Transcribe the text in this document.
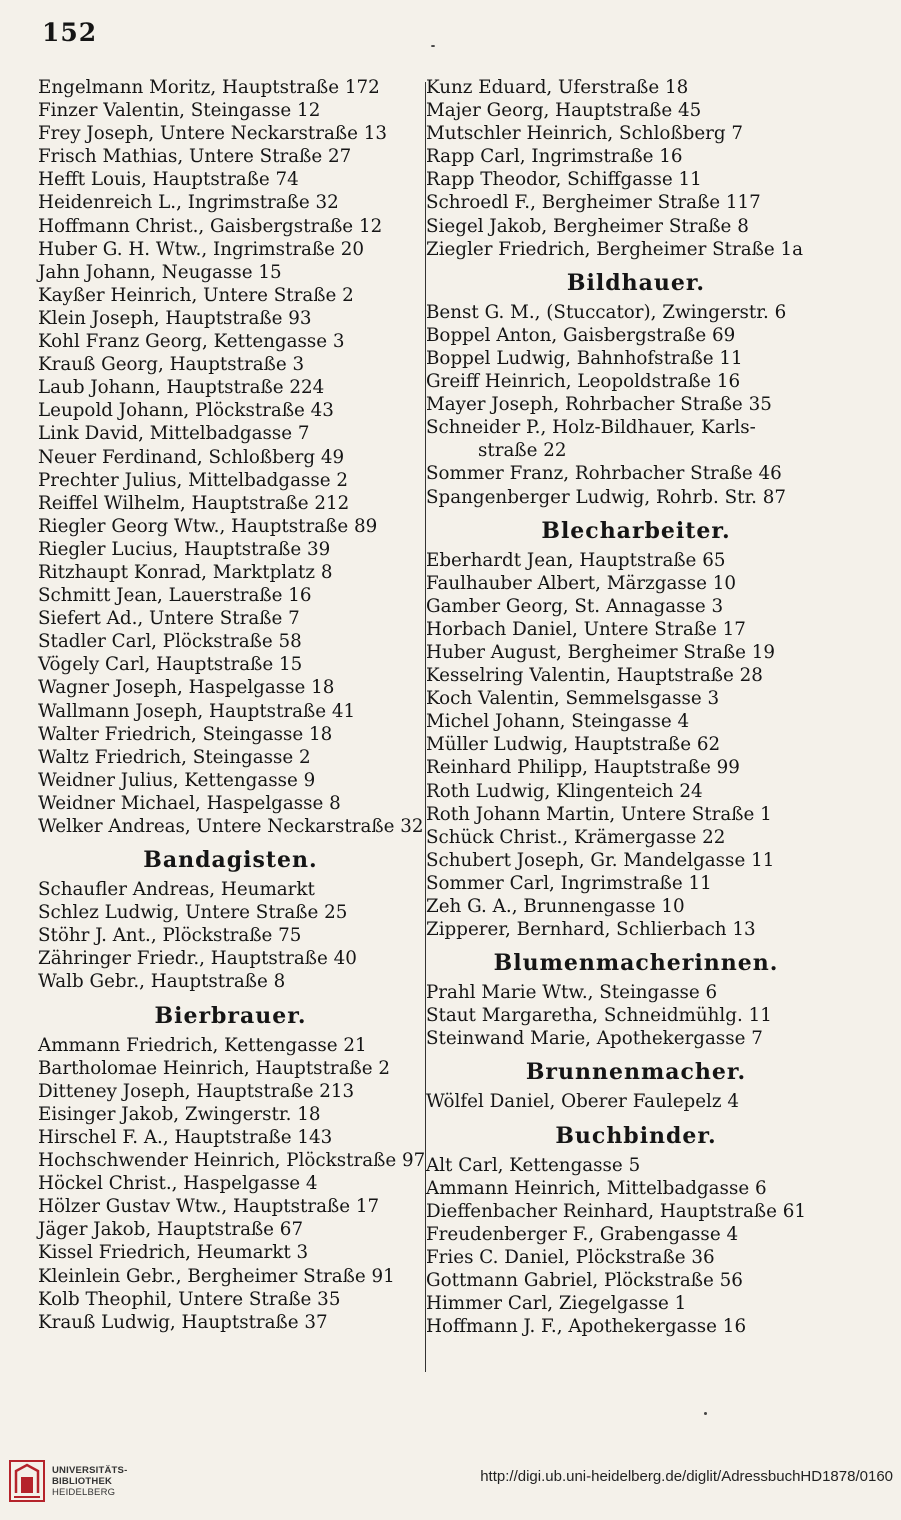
152
Engelmann Moritz, Hauptstraße 172
Finzer Valentin, Steingasse 12
Frey Joseph, Untere Neckarstraße 13
Frisch Mathias, Untere Straße 27
Hefft Louis, Hauptstraße 74
Heidenreich L., Ingrimstraße 32
Hoffmann Christ., Gaisbergstraße 12
Huber G. H. Wtw., Ingrimstraße 20
Jahn Johann, Neugasse 15
Kayßer Heinrich, Untere Straße 2
Klein Joseph, Hauptstraße 93
Kohl Franz Georg, Kettengasse 3
Krauß Georg, Hauptstraße 3
Laub Johann, Hauptstraße 224
Leupold Johann, Plöckstraße 43
Link David, Mittelbadgasse 7
Neuer Ferdinand, Schloßberg 49
Prechter Julius, Mittelbadgasse 2
Reiffel Wilhelm, Hauptstraße 212
Riegler Georg Wtw., Hauptstraße 89
Riegler Lucius, Hauptstraße 39
Ritzhaupt Konrad, Marktplatz 8
Schmitt Jean, Lauerstraße 16
Siefert Ad., Untere Straße 7
Stadler Carl, Plöckstraße 58
Vögely Carl, Hauptstraße 15
Wagner Joseph, Haspelgasse 18
Wallmann Joseph, Hauptstraße 41
Walter Friedrich, Steingasse 18
Waltz Friedrich, Steingasse 2
Weidner Julius, Kettengasse 9
Weidner Michael, Haspelgasse 8
Welker Andreas, Untere Neckarstraße 32
Bandagisten.
Schaufler Andreas, Heumarkt
Schlez Ludwig, Untere Straße 25
Stöhr J. Ant., Plöckstraße 75
Zähringer Friedr., Hauptstraße 40
Walb Gebr., Hauptstraße 8
Bierbrauer.
Ammann Friedrich, Kettengasse 21
Bartholomae Heinrich, Hauptstraße 2
Ditteney Joseph, Hauptstraße 213
Eisinger Jakob, Zwingerstr. 18
Hirschel F. A., Hauptstraße 143
Hochschwender Heinrich, Plöckstraße 97
Höckel Christ., Haspelgasse 4
Hölzer Gustav Wtw., Hauptstraße 17
Jäger Jakob, Hauptstraße 67
Kissel Friedrich, Heumarkt 3
Kleinlein Gebr., Bergheimer Straße 91
Kolb Theophil, Untere Straße 35
Krauß Ludwig, Hauptstraße 37
Kunz Eduard, Uferstraße 18
Majer Georg, Hauptstraße 45
Mutschler Heinrich, Schloßberg 7
Rapp Carl, Ingrimstraße 16
Rapp Theodor, Schiffgasse 11
Schroedl F., Bergheimer Straße 117
Siegel Jakob, Bergheimer Straße 8
Ziegler Friedrich, Bergheimer Straße 1a
Bildhauer.
Benst G. M., (Stuccator), Zwingerstr. 6
Boppel Anton, Gaisbergstraße 69
Boppel Ludwig, Bahnhofstraße 11
Greiff Heinrich, Leopoldstraße 16
Mayer Joseph, Rohrbacher Straße 35
Schneider P., Holz-Bildhauer, Karls-
straße 22
Sommer Franz, Rohrbacher Straße 46
Spangenberger Ludwig, Rohrb. Str. 87
Blecharbeiter.
Eberhardt Jean, Hauptstraße 65
Faulhauber Albert, Märzgasse 10
Gamber Georg, St. Annagasse 3
Horbach Daniel, Untere Straße 17
Huber August, Bergheimer Straße 19
Kesselring Valentin, Hauptstraße 28
Koch Valentin, Semmelsgasse 3
Michel Johann, Steingasse 4
Müller Ludwig, Hauptstraße 62
Reinhard Philipp, Hauptstraße 99
Roth Ludwig, Klingenteich 24
Roth Johann Martin, Untere Straße 1
Schück Christ., Krämergasse 22
Schubert Joseph, Gr. Mandelgasse 11
Sommer Carl, Ingrimstraße 11
Zeh G. A., Brunnengasse 10
Zipperer, Bernhard, Schlierbach 13
Blumenmacherinnen.
Prahl Marie Wtw., Steingasse 6
Staut Margaretha, Schneidmühlg. 11
Steinwand Marie, Apothekergasse 7
Brunnenmacher.
Wölfel Daniel, Oberer Faulepelz 4
Buchbinder.
Alt Carl, Kettengasse 5
Ammann Heinrich, Mittelbadgasse 6
Dieffenbacher Reinhard, Hauptstraße 61
Freudenberger F., Grabengasse 4
Fries C. Daniel, Plöckstraße 36
Gottmann Gabriel, Plöckstraße 56
Himmer Carl, Ziegelgasse 1
Hoffmann J. F., Apothekergasse 16
UNIVERSITÄTS-
BIBLIOTHEK
HEIDELBERG
http://digi.ub.uni-heidelberg.de/diglit/AdressbuchHD1878/0160
